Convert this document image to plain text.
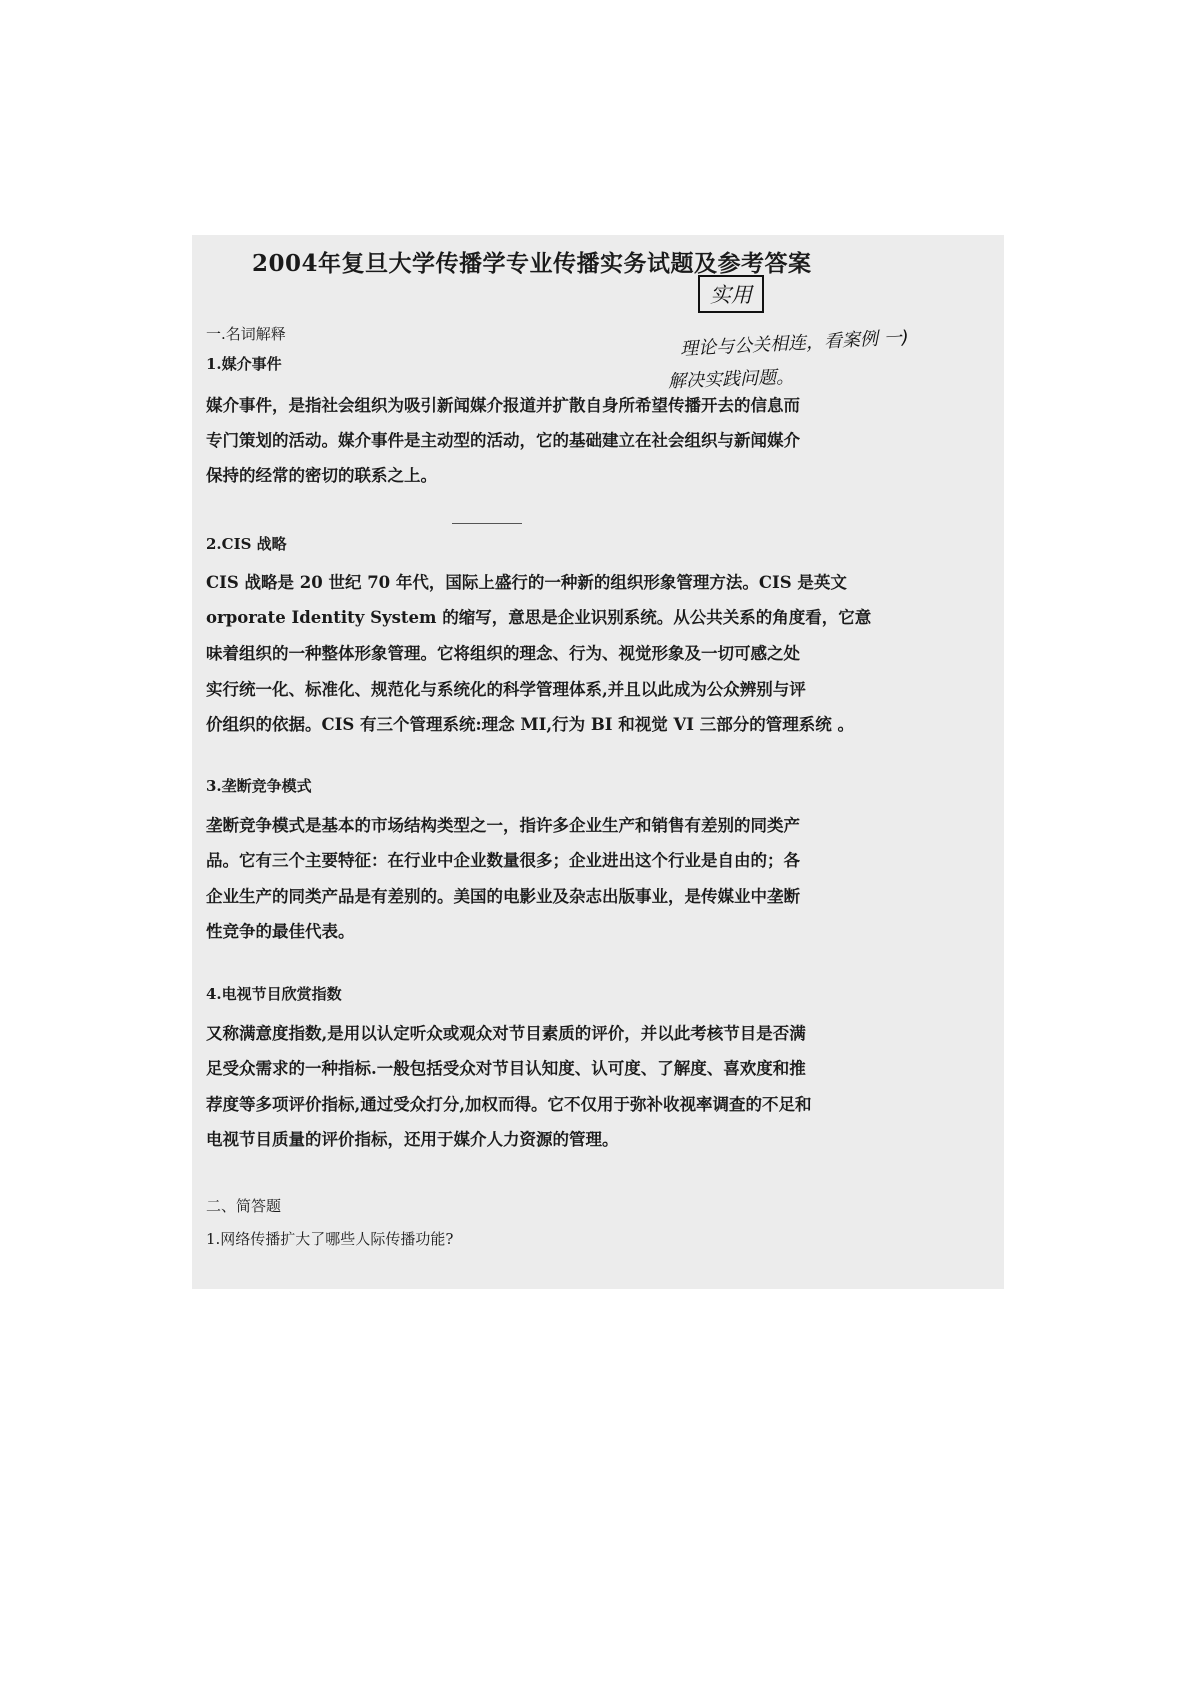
2004年复旦大学传播学专业传播实务试题及参考答案
实用
理论与公关相连，看案例 一)
解决实践问题。
一.名词解释
1.媒介事件
媒介事件，是指社会组织为吸引新闻媒介报道并扩散自身所希望传播开去的信息而
专门策划的活动。媒介事件是主动型的活动，它的基础建立在社会组织与新闻媒介
保持的经常的密切的联系之上。
2.CIS 战略
CIS 战略是 20 世纪 70 年代，国际上盛行的一种新的组织形象管理方法。CIS 是英文
orporate Identity System 的缩写，意思是企业识别系统。从公共关系的角度看，它意
味着组织的一种整体形象管理。它将组织的理念、行为、视觉形象及一切可感之处
实行统一化、标准化、规范化与系统化的科学管理体系,并且以此成为公众辨别与评
价组织的依据。CIS 有三个管理系统:理念 MI,行为 BI 和视觉 VI 三部分的管理系统 。
3.垄断竞争模式
垄断竞争模式是基本的市场结构类型之一，指许多企业生产和销售有差别的同类产
品。它有三个主要特征：在行业中企业数量很多；企业进出这个行业是自由的；各
企业生产的同类产品是有差别的。美国的电影业及杂志出版事业，是传媒业中垄断
性竞争的最佳代表。
4.电视节目欣赏指数
又称满意度指数,是用以认定听众或观众对节目素质的评价，并以此考核节目是否满
足受众需求的一种指标.一般包括受众对节目认知度、认可度、了解度、喜欢度和推
荐度等多项评价指标,通过受众打分,加权而得。它不仅用于弥补收视率调查的不足和
电视节目质量的评价指标，还用于媒介人力资源的管理。
二、简答题
1.网络传播扩大了哪些人际传播功能?
